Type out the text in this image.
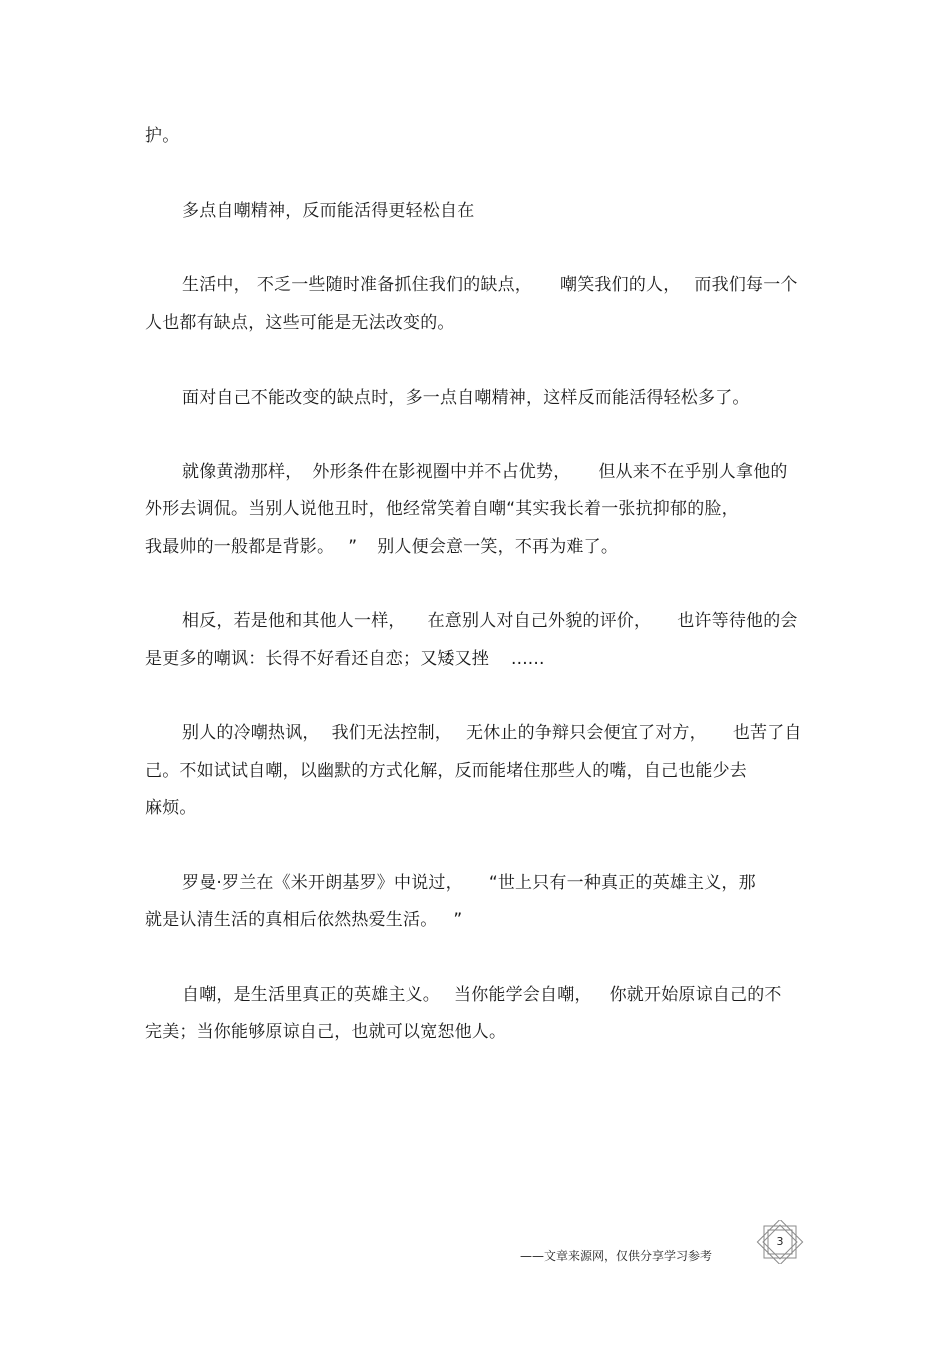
护。
多点自嘲精神，反而能活得更轻松自在
生活中， 不乏一些随时准备抓住我们的缺点， 嘲笑我们的人， 而我们每一个
人也都有缺点，这些可能是无法改变的。
面对自己不能改变的缺点时，多一点自嘲精神，这样反而能活得轻松多了。
就像黄渤那样， 外形条件在影视圈中并不占优势， 但从来不在乎别人拿他的
外形去调侃。当别人说他丑时，他经常笑着自嘲“其实我长着一张抗抑郁的脸，
我最帅的一般都是背影。 ” 别人便会意一笑，不再为难了。
相反，若是他和其他人一样， 在意别人对自己外貌的评价， 也许等待他的会
是更多的嘲讽：长得不好看还自恋；又矮又挫 ......
别人的冷嘲热讽， 我们无法控制， 无休止的争辩只会便宜了对方， 也苦了自
己。不如试试自嘲，以幽默的方式化解，反而能堵住那些人的嘴，自己也能少去
麻烦。
罗曼·罗兰在《米开朗基罗》中说过， “世上只有一种真正的英雄主义，那
就是认清生活的真相后依然热爱生活。 ”
自嘲，是生活里真正的英雄主义。 当你能学会自嘲， 你就开始原谅自己的不
完美；当你能够原谅自己，也就可以宽恕他人。
——文章来源网，仅供分享学习参考
3
